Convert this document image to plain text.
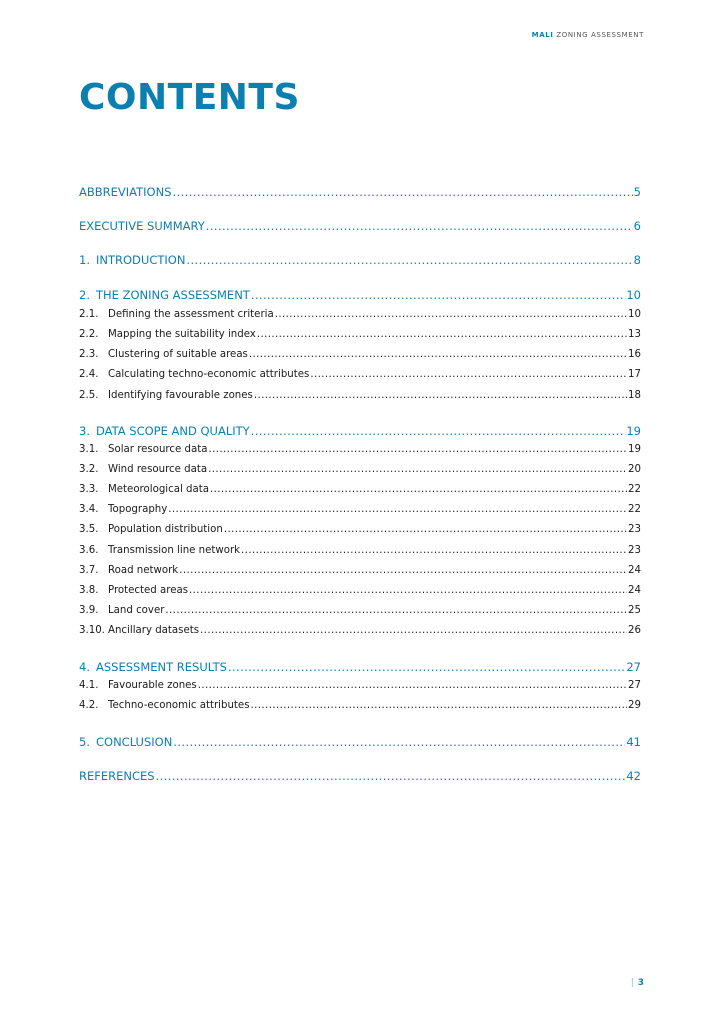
MALI ZONING ASSESSMENT
CONTENTS
ABBREVIATIONS .....	5
EXECUTIVE SUMMARY .....	6
1. INTRODUCTION .....	8
2. THE ZONING ASSESSMENT .....	10
2.1. Defining the assessment criteria .....	10
2.2. Mapping the suitability index .....	13
2.3. Clustering of suitable areas .....	16
2.4. Calculating techno-economic attributes .....	17
2.5. Identifying favourable zones .....	18
3. DATA SCOPE AND QUALITY .....	19
3.1. Solar resource data .....	19
3.2. Wind resource data .....	20
3.3. Meteorological data .....	22
3.4. Topography .....	22
3.5. Population distribution .....	23
3.6. Transmission line network .....	23
3.7. Road network .....	24
3.8. Protected areas .....	24
3.9. Land cover .....	25
3.10. Ancillary datasets .....	26
4. ASSESSMENT RESULTS .....	27
4.1. Favourable zones .....	27
4.2. Techno-economic attributes .....	29
5. CONCLUSION .....	41
REFERENCES .....	42
| 3
